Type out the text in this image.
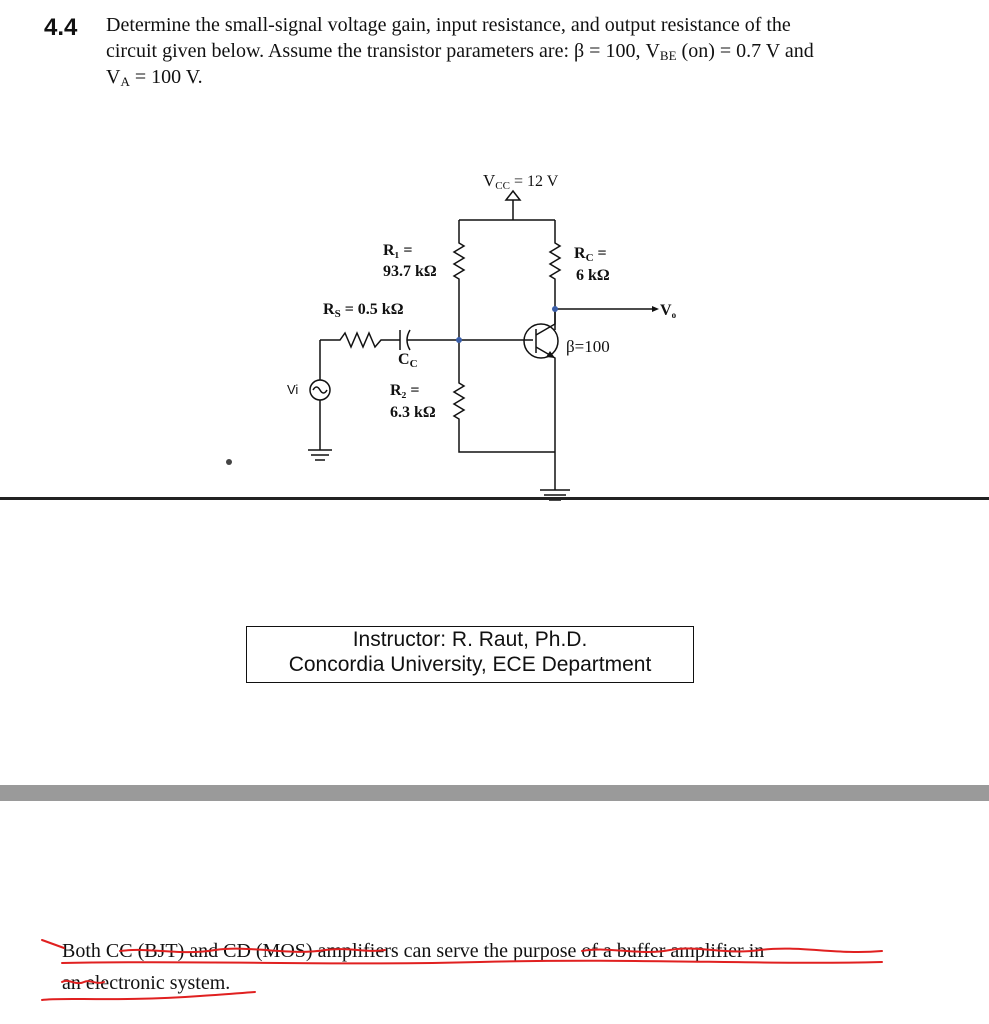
4.4 Determine the small-signal voltage gain, input resistance, and output resistance of the
circuit given below. Assume the transistor parameters are: β = 100, $V_{BE}$ (on) = 0.7 V and
$V_A = 100$ V.
VCC = 12 V
R₁ =
93.7 kΩ
RC =
6 kΩ
RS = 0.5 kΩ
CC
R₂ =
6.3 kΩ
β=100
Vo
Vi
Instructor: R. Raut, Ph.D.
Concordia University, ECE Department
Both CC (BJT) and CD (MOS) amplifiers can serve the purpose of a buffer amplifier in
an electronic system.
